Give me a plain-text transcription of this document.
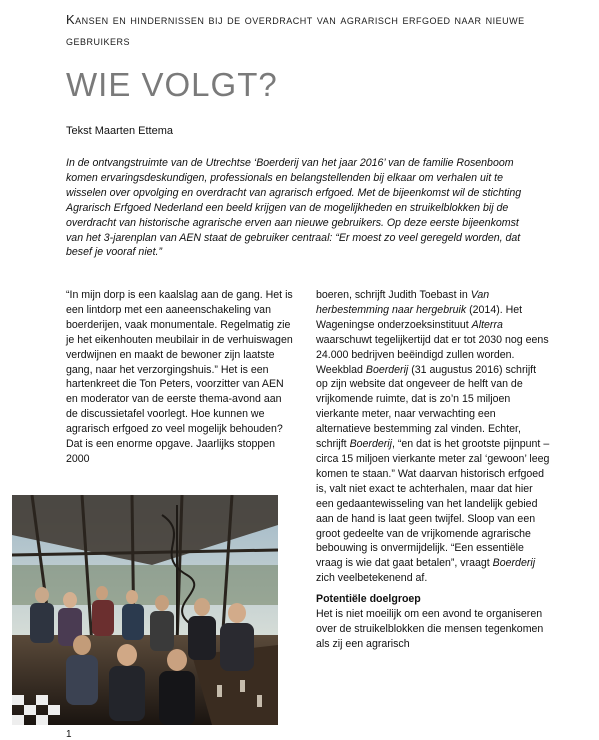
Kansen en hindernissen bij de overdracht van agrarisch erfgoed naar nieuwe gebruikers
WIE VOLGT?
Tekst Maarten Ettema
In de ontvangstruimte van de Utrechtse ‘Boerderij van het jaar 2016’ van de familie Rosenboom komen ervaringsdeskundigen, professionals en belangstellenden bij elkaar om verhalen uit te wisselen over opvolging en overdracht van agrarisch erfgoed. Met de bijeenkomst wil de stichting Agrarisch Erfgoed Nederland een beeld krijgen van de mogelijkheden en struikelblokken bij de overdracht van historische agrarische erven aan nieuwe gebruikers. Op deze eerste bijeenkomst van het 3-jarenplan van AEN staat de gebruiker centraal: “Er moest zo veel geregeld worden, dat besef je vooraf niet.”

“In mijn dorp is een kaalslag aan de gang. Het is een lintdorp met een aaneenschakeling van boerderijen, vaak monumentale. Regelmatig zie je het eikenhouten meubilair in de verhuiswagen verdwijnen en maakt de bewoner zijn laatste gang, naar het verzorgingshuis.” Het is een hartenkreet die Ton Peters, voorzitter van AEN en moderator van de eerste thema-avond aan de discussietafel voorlegt. Hoe kunnen we agrarisch erfgoed zo veel mogelijk behouden? Dat is een enorme opgave. Jaarlijks stoppen 2000

boeren, schrijft Judith Toebast in Van herbestemming naar hergebruik (2014). Het Wageningse onderzoeksinstituut Alterra waarschuwt tegelijkertijd dat er tot 2030 nog eens 24.000 bedrijven beëindigd zullen worden. Weekblad Boerderij (31 augustus 2016) schrijft op zijn website dat ongeveer de helft van de vrijkomende ruimte, dat is zo’n 15 miljoen vierkante meter, naar verwachting een alternatieve bestemming zal vinden. Echter, schrijft Boerderij, “en dat is het grootste pijnpunt – circa 15 miljoen vierkante meter zal ‘gewoon’ leeg komen te staan.” Wat daarvan historisch erfgoed is, valt niet exact te achterhalen, maar dat hier een gedaantewisseling van het landelijk gebied aan de hand is laat geen twijfel. Sloop van een groot gedeelte van de vrijkomende agrarische bebouwing is onvermijdelijk. “Een essentiële vraag is wie dat gaat betalen”, vraagt Boerderij zich veelbetekenend af.

Potentiële doelgroep

Het is niet moeilijk om een avond te organiseren over de struikelblokken die mensen tegenkomen als zij een agrarisch

1
